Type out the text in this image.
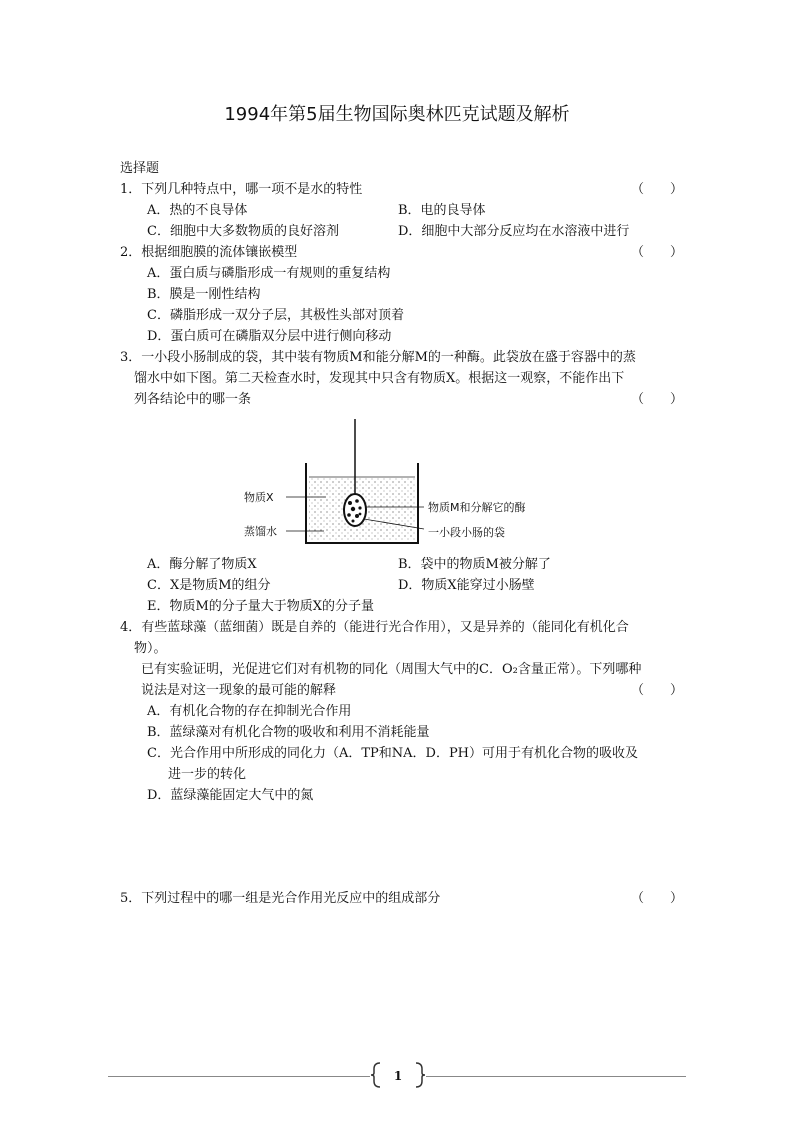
1994年第5届生物国际奥林匹克试题及解析
选择题
1．下列几种特点中，哪一项不是水的特性	（　　）
A．热的不良导体	B．电的良导体
C．细胞中大多数物质的良好溶剂	D．细胞中大部分反应均在水溶液中进行
2．根据细胞膜的流体镶嵌模型	（　　）
A．蛋白质与磷脂形成一有规则的重复结构
B．膜是一刚性结构
C．磷脂形成一双分子层，其极性头部对顶着
D．蛋白质可在磷脂双分层中进行侧向移动
3．一小段小肠制成的袋，其中装有物质M和能分解M的一种酶。此袋放在盛于容器中的蒸
馏水中如下图。第二天检查水时，发现其中只含有物质X。根据这一观察，不能作出下
列各结论中的哪一条	（　　）
物质X
蒸馏水
物质M和分解它的酶
一小段小肠的袋
A．酶分解了物质X	B．袋中的物质M被分解了
C．X是物质M的组分	D．物质X能穿过小肠壁
E．物质M的分子量大于物质X的分子量
4．有些蓝球藻（蓝细菌）既是自养的（能进行光合作用），又是异养的（能同化有机化合
物）。
已有实验证明，光促进它们对有机物的同化（周围大气中的C．O₂含量正常）。下列哪种
说法是对这一现象的最可能的解释	（　　）
A．有机化合物的存在抑制光合作用
B．蓝绿藻对有机化合物的吸收和利用不消耗能量
C．光合作用中所形成的同化力（A．TP和NA．D．PH）可用于有机化合物的吸收及
进一步的转化
D．蓝绿藻能固定大气中的氮
5．下列过程中的哪一组是光合作用光反应中的组成部分	（　　）
1
